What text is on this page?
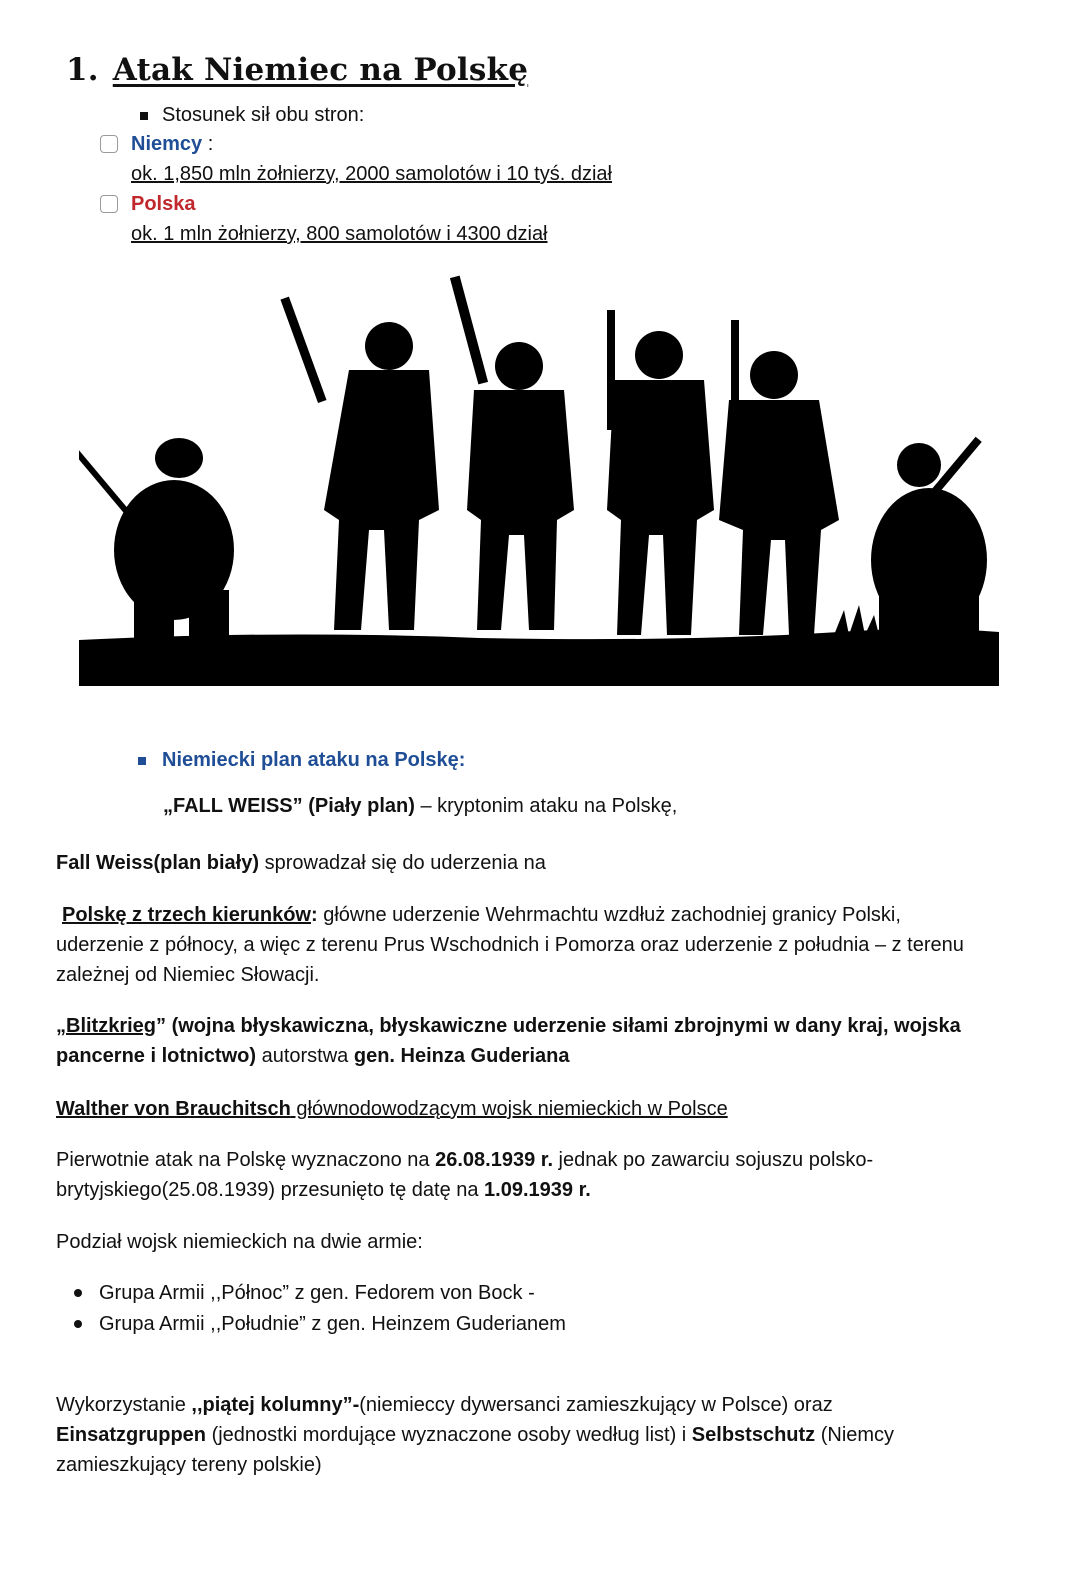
1. Atak Niemiec na Polskę
Stosunek sił obu stron:
Niemcy :
ok. 1,850 mln żołnierzy, 2000 samolotów i 10 tyś. dział
Polska
ok. 1 mln żołnierzy, 800 samolotów i 4300 dział
Niemiecki plan ataku na Polskę:
„FALL WEISS” (Piały plan) – kryptonim ataku na Polskę,
Fall Weiss(plan biały) sprowadzał się do uderzenia na
Polskę z trzech kierunków: główne uderzenie Wehrmachtu wzdłuż zachodniej granicy Polski, uderzenie z północy, a więc z terenu Prus Wschodnich i Pomorza oraz uderzenie z południa – z terenu zależnej od Niemiec Słowacji.
„Blitzkrieg” (wojna błyskawiczna, błyskawiczne uderzenie siłami zbrojnymi w dany kraj, wojska pancerne i lotnictwo) autorstwa gen. Heinza Guderiana
Walther von Brauchitsch głównodowodzącym wojsk niemieckich w Polsce
Pierwotnie atak na Polskę wyznaczono na 26.08.1939 r. jednak po zawarciu sojuszu polsko-brytyjskiego(25.08.1939) przesunięto tę datę na 1.09.1939 r.
Podział wojsk niemieckich na dwie armie:
Grupa Armii ,,Północ” z gen. Fedorem von Bock -
Grupa Armii ,,Południe” z gen. Heinzem Guderianem
Wykorzystanie ,,piątej kolumny”-(niemieccy dywersanci zamieszkujący w Polsce) oraz Einsatzgruppen (jednostki mordujące wyznaczone osoby według list) i Selbstschutz (Niemcy zamieszkujący tereny polskie)
